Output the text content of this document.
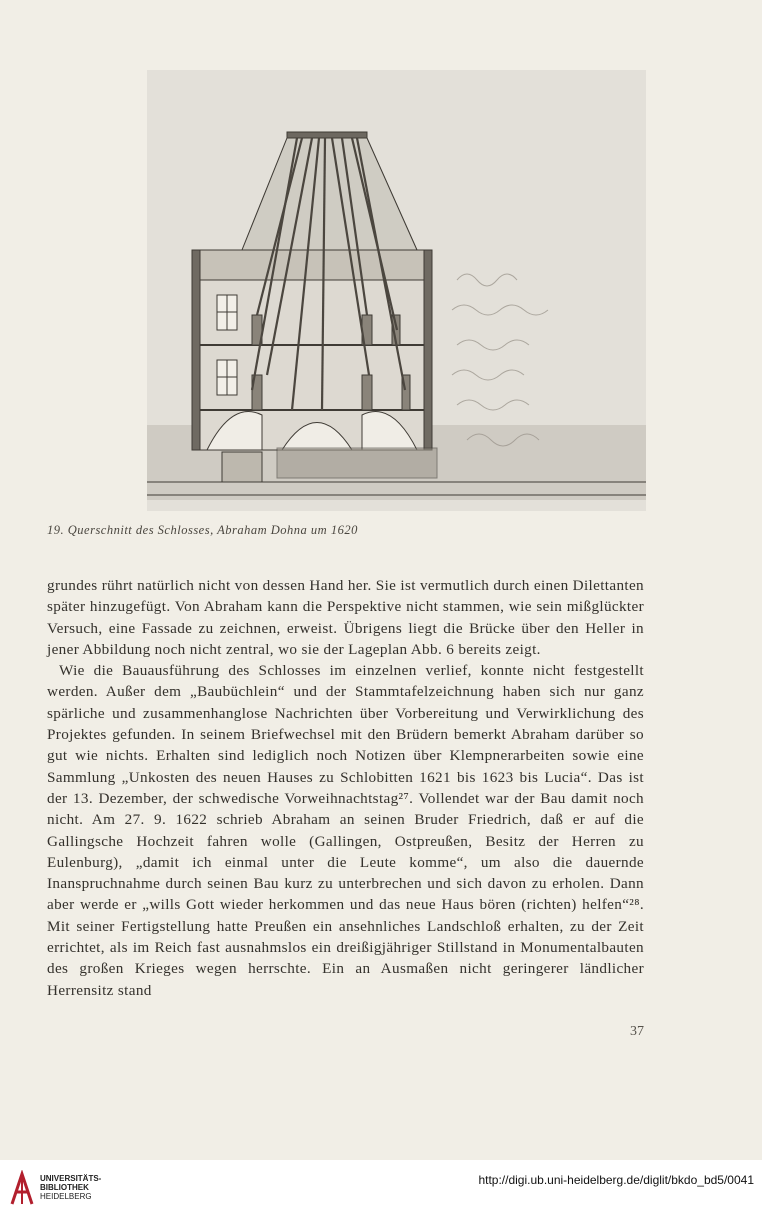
19. Querschnitt des Schlosses, Abraham Dohna um 1620

grundes rührt natürlich nicht von dessen Hand her. Sie ist vermutlich durch einen Dilettanten später hinzugefügt. Von Abraham kann die Perspektive nicht stammen, wie sein mißglückter Versuch, eine Fassade zu zeichnen, erweist. Übrigens liegt die Brücke über den Heller in jener Abbildung noch nicht zentral, wo sie der Lageplan Abb. 6 bereits zeigt.

Wie die Bauausführung des Schlosses im einzelnen verlief, konnte nicht festgestellt werden. Außer dem „Baubüchlein“ und der Stammtafelzeichnung haben sich nur ganz spärliche und zusammenhanglose Nachrichten über Vorbereitung und Verwirklichung des Projektes gefunden. In seinem Briefwechsel mit den Brüdern bemerkt Abraham darüber so gut wie nichts. Erhalten sind lediglich noch Notizen über Klempnerarbeiten sowie eine Sammlung „Unkosten des neuen Hauses zu Schlobitten 1621 bis 1623 bis Lucia“. Das ist der 13. Dezember, der schwedische Vorweihnachtstag²⁷. Vollendet war der Bau damit noch nicht. Am 27. 9. 1622 schrieb Abraham an seinen Bruder Friedrich, daß er auf die Gallingsche Hochzeit fahren wolle (Gallingen, Ostpreußen, Besitz der Herren zu Eulenburg), „damit ich einmal unter die Leute komme“, um also die dauernde Inanspruchnahme durch seinen Bau kurz zu unterbrechen und sich davon zu erholen. Dann aber werde er „wills Gott wieder herkommen und das neue Haus bören (richten) helfen“²⁸. Mit seiner Fertigstellung hatte Preußen ein ansehnliches Landschloß erhalten, zu der Zeit errichtet, als im Reich fast ausnahmslos ein dreißigjähriger Stillstand in Monumentalbauten des großen Krieges wegen herrschte. Ein an Ausmaßen nicht geringerer ländlicher Herrensitz stand

37
UNIVERSITÄTS-
BIBLIOTHEK
HEIDELBERG
http://digi.ub.uni-heidelberg.de/diglit/bkdo_bd5/0041
